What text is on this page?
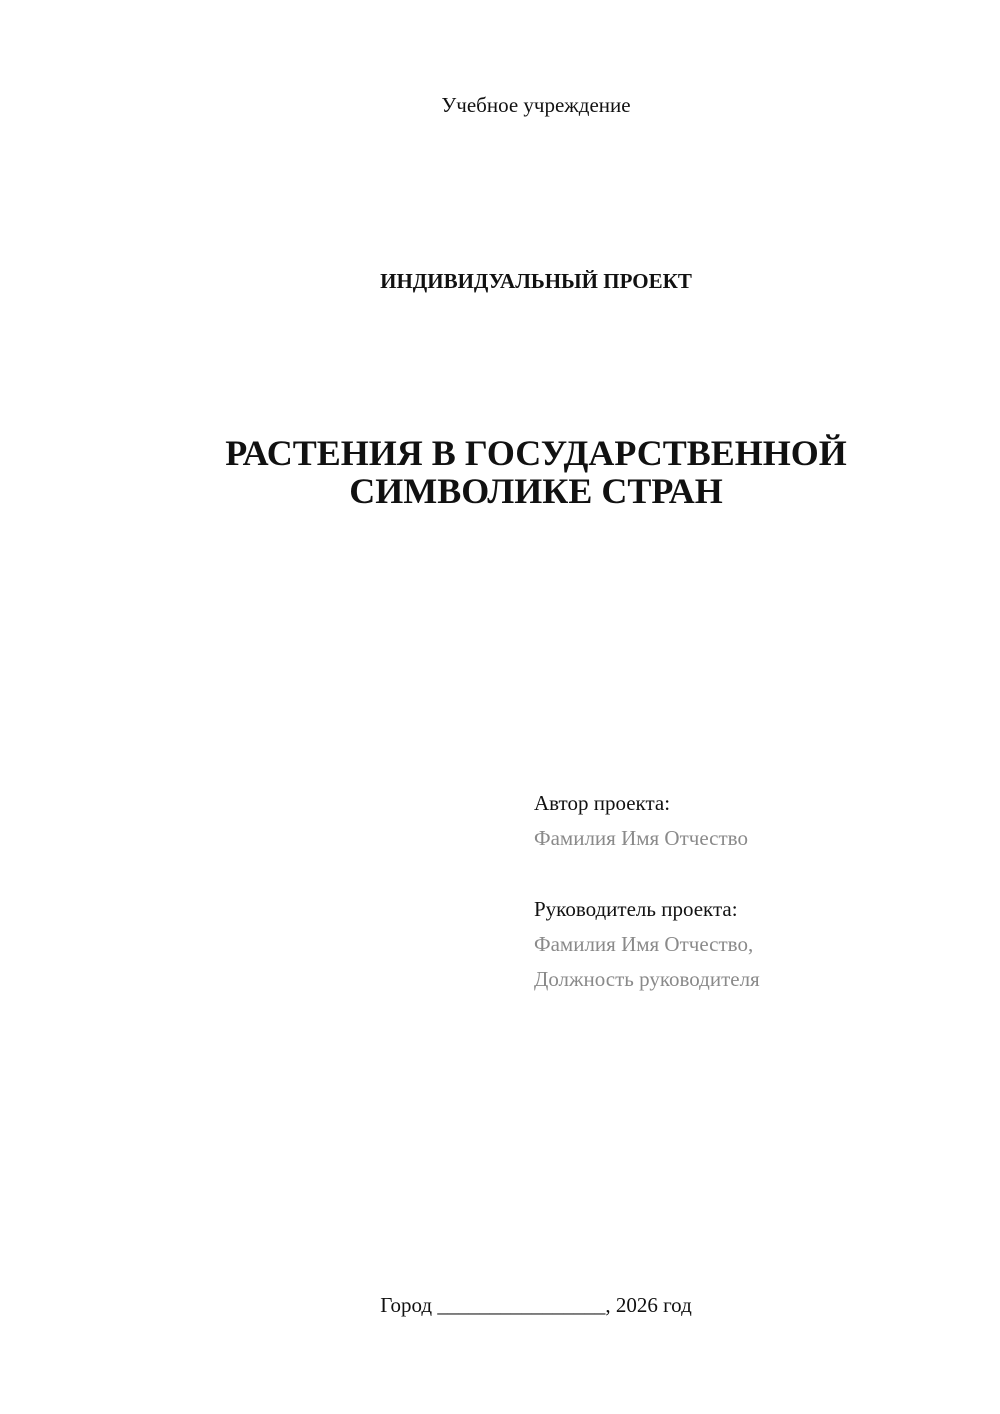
Учебное учреждение
ИНДИВИДУАЛЬНЫЙ ПРОЕКТ
РАСТЕНИЯ В ГОСУДАРСТВЕННОЙ
СИМВОЛИКЕ СТРАН
Автор проекта:
Фамилия Имя Отчество
Руководитель проекта:
Фамилия Имя Отчество,
Должность руководителя
Город ________________, 2026 год
